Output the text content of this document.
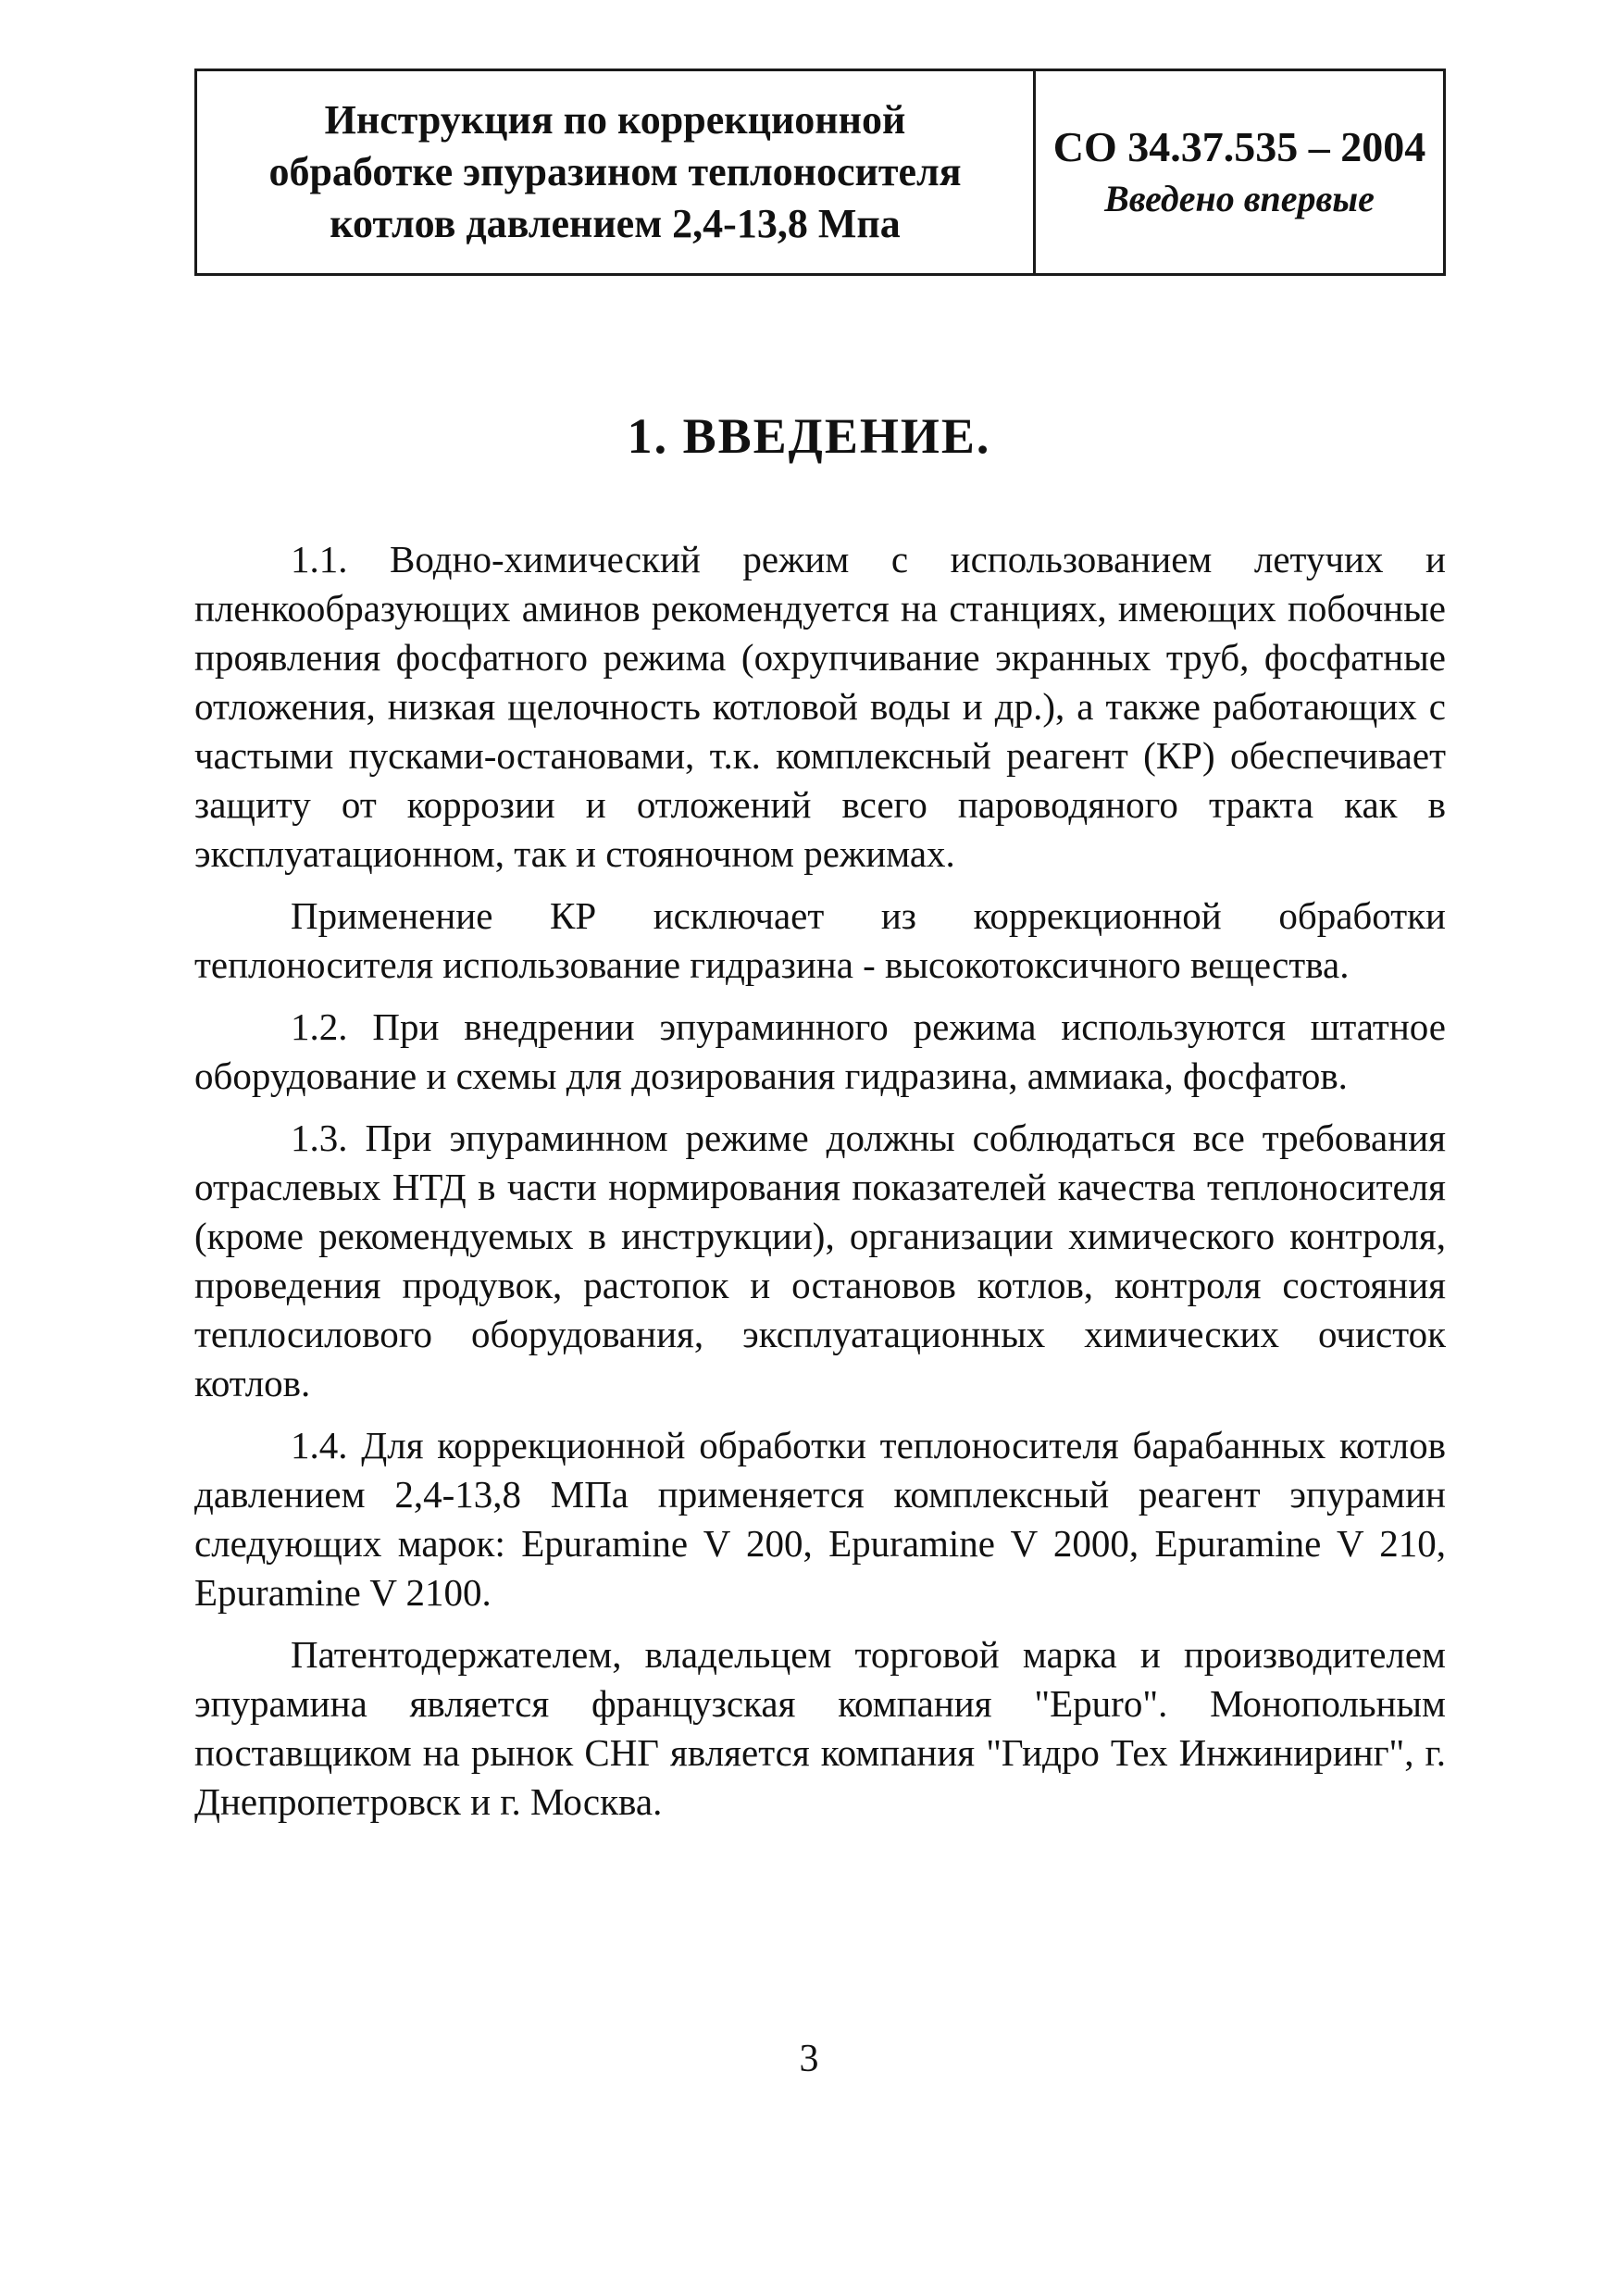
Инструкция по коррекционной
обработке эпуразином теплоносителя
котлов давлением 2,4-13,8 Мпа
СО 34.37.535 – 2004
Введено впервые
1. ВВЕДЕНИЕ.

1.1. Водно-химический режим с использованием летучих и пленкообразующих аминов рекомендуется на станциях, имеющих побочные проявления фосфатного режима (охрупчивание экранных труб, фосфатные отложения, низкая щелочность котловой воды и др.), а также работающих с частыми пусками-остановами, т.к. комплексный реагент (КР) обеспечивает защиту от коррозии и отложений всего пароводяного тракта как в эксплуатационном, так и стояночном режимах.

Применение КР исключает из коррекционной обработки теплоносителя использование гидразина - высокотоксичного вещества.

1.2. При внедрении эпураминного режима используются штатное оборудование и схемы для дозирования гидразина, аммиака, фосфатов.

1.3. При эпураминном режиме должны соблюдаться все требования отраслевых НТД в части нормирования показателей качества теплоносителя (кроме рекомендуемых в инструкции), организации химического контроля, проведения продувок, растопок и остановов котлов, контроля состояния теплосилового оборудования, эксплуатационных химических очисток котлов.

1.4. Для коррекционной обработки теплоносителя барабанных котлов давлением 2,4-13,8 МПа применяется комплексный реагент эпурамин следующих марок: Epuramine V 200, Epuramine V 2000, Epuramine V 210, Epuramine V 2100.

Патентодержателем, владельцем торговой марка и производителем эпурамина является французская компания "Epuro". Монопольным поставщиком на рынок СНГ является компания "Гидро Тех Инжиниринг", г. Днепропетровск и г. Москва.

3
